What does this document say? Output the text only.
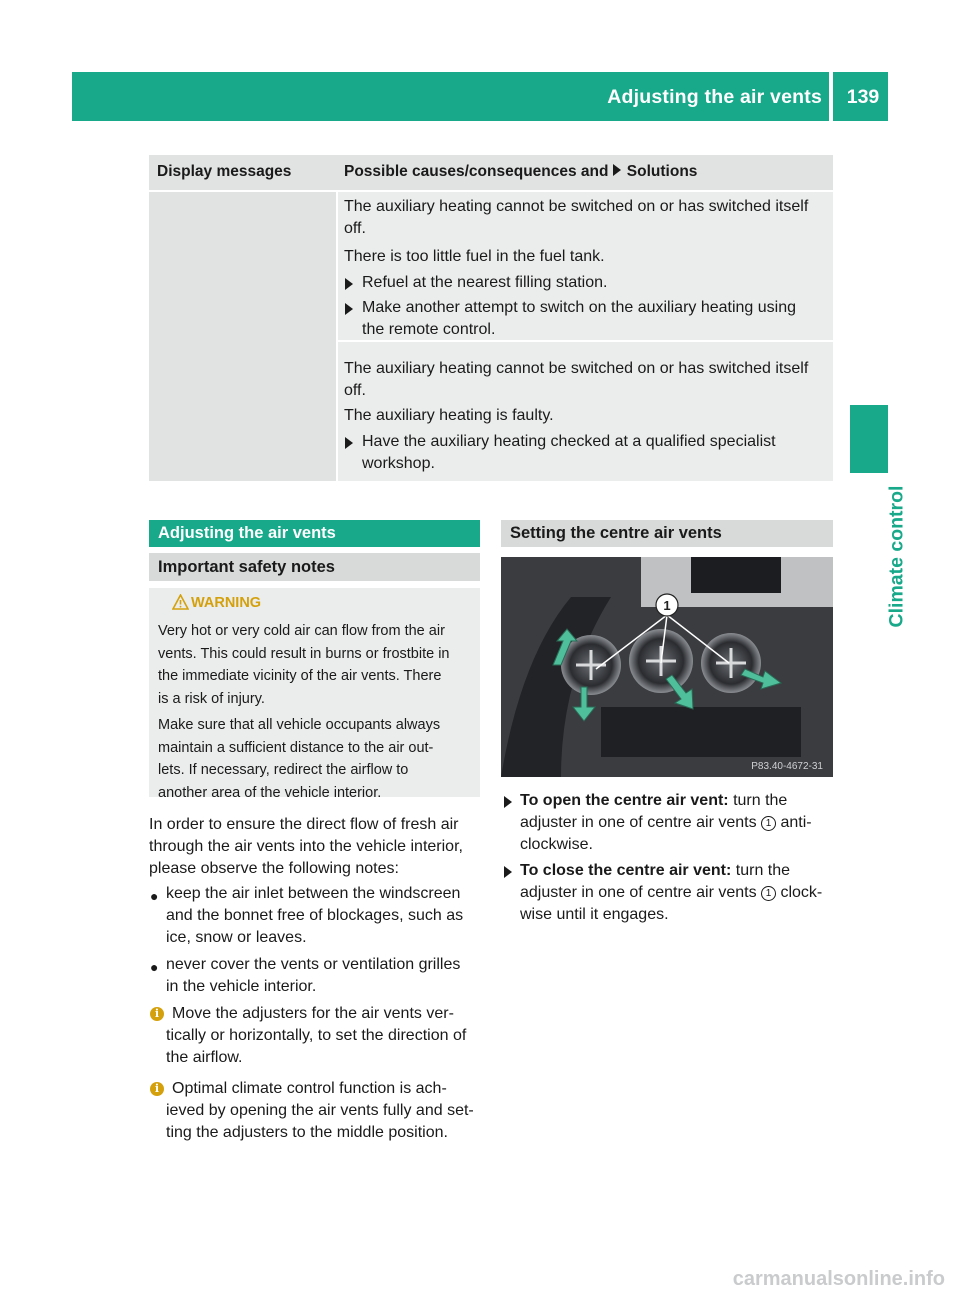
Adjusting the air vents	139
Climate control
Display messages	Possible causes/consequences and Solutions
The auxiliary heating cannot be switched on or has switched itself
off.
There is too little fuel in the fuel tank.
Refuel at the nearest filling station.
Make another attempt to switch on the auxiliary heating using
the remote control.
The auxiliary heating cannot be switched on or has switched itself
off.
The auxiliary heating is faulty.
Have the auxiliary heating checked at a qualified specialist
workshop.
Adjusting the air vents
Important safety notes
WARNING
Very hot or very cold air can flow from the air
vents. This could result in burns or frostbite in
the immediate vicinity of the air vents. There
is a risk of injury.
Make sure that all vehicle occupants always
maintain a sufficient distance to the air out-
lets. If necessary, redirect the airflow to
another area of the vehicle interior.
In order to ensure the direct flow of fresh air
through the air vents into the vehicle interior,
please observe the following notes:
● keep the air inlet between the windscreen
and the bonnet free of blockages, such as
ice, snow or leaves.
● never cover the vents or ventilation grilles
in the vehicle interior.
i Move the adjusters for the air vents ver-
tically or horizontally, to set the direction of
the airflow.
i Optimal climate control function is ach-
ieved by opening the air vents fully and set-
ting the adjusters to the middle position.
Setting the centre air vents
1
P83.40-4672-31
To open the centre air vent: turn the
adjuster in one of centre air vents 1 anti-
clockwise.
To close the centre air vent: turn the
adjuster in one of centre air vents 1 clock-
wise until it engages.
carmanualsonline.info
